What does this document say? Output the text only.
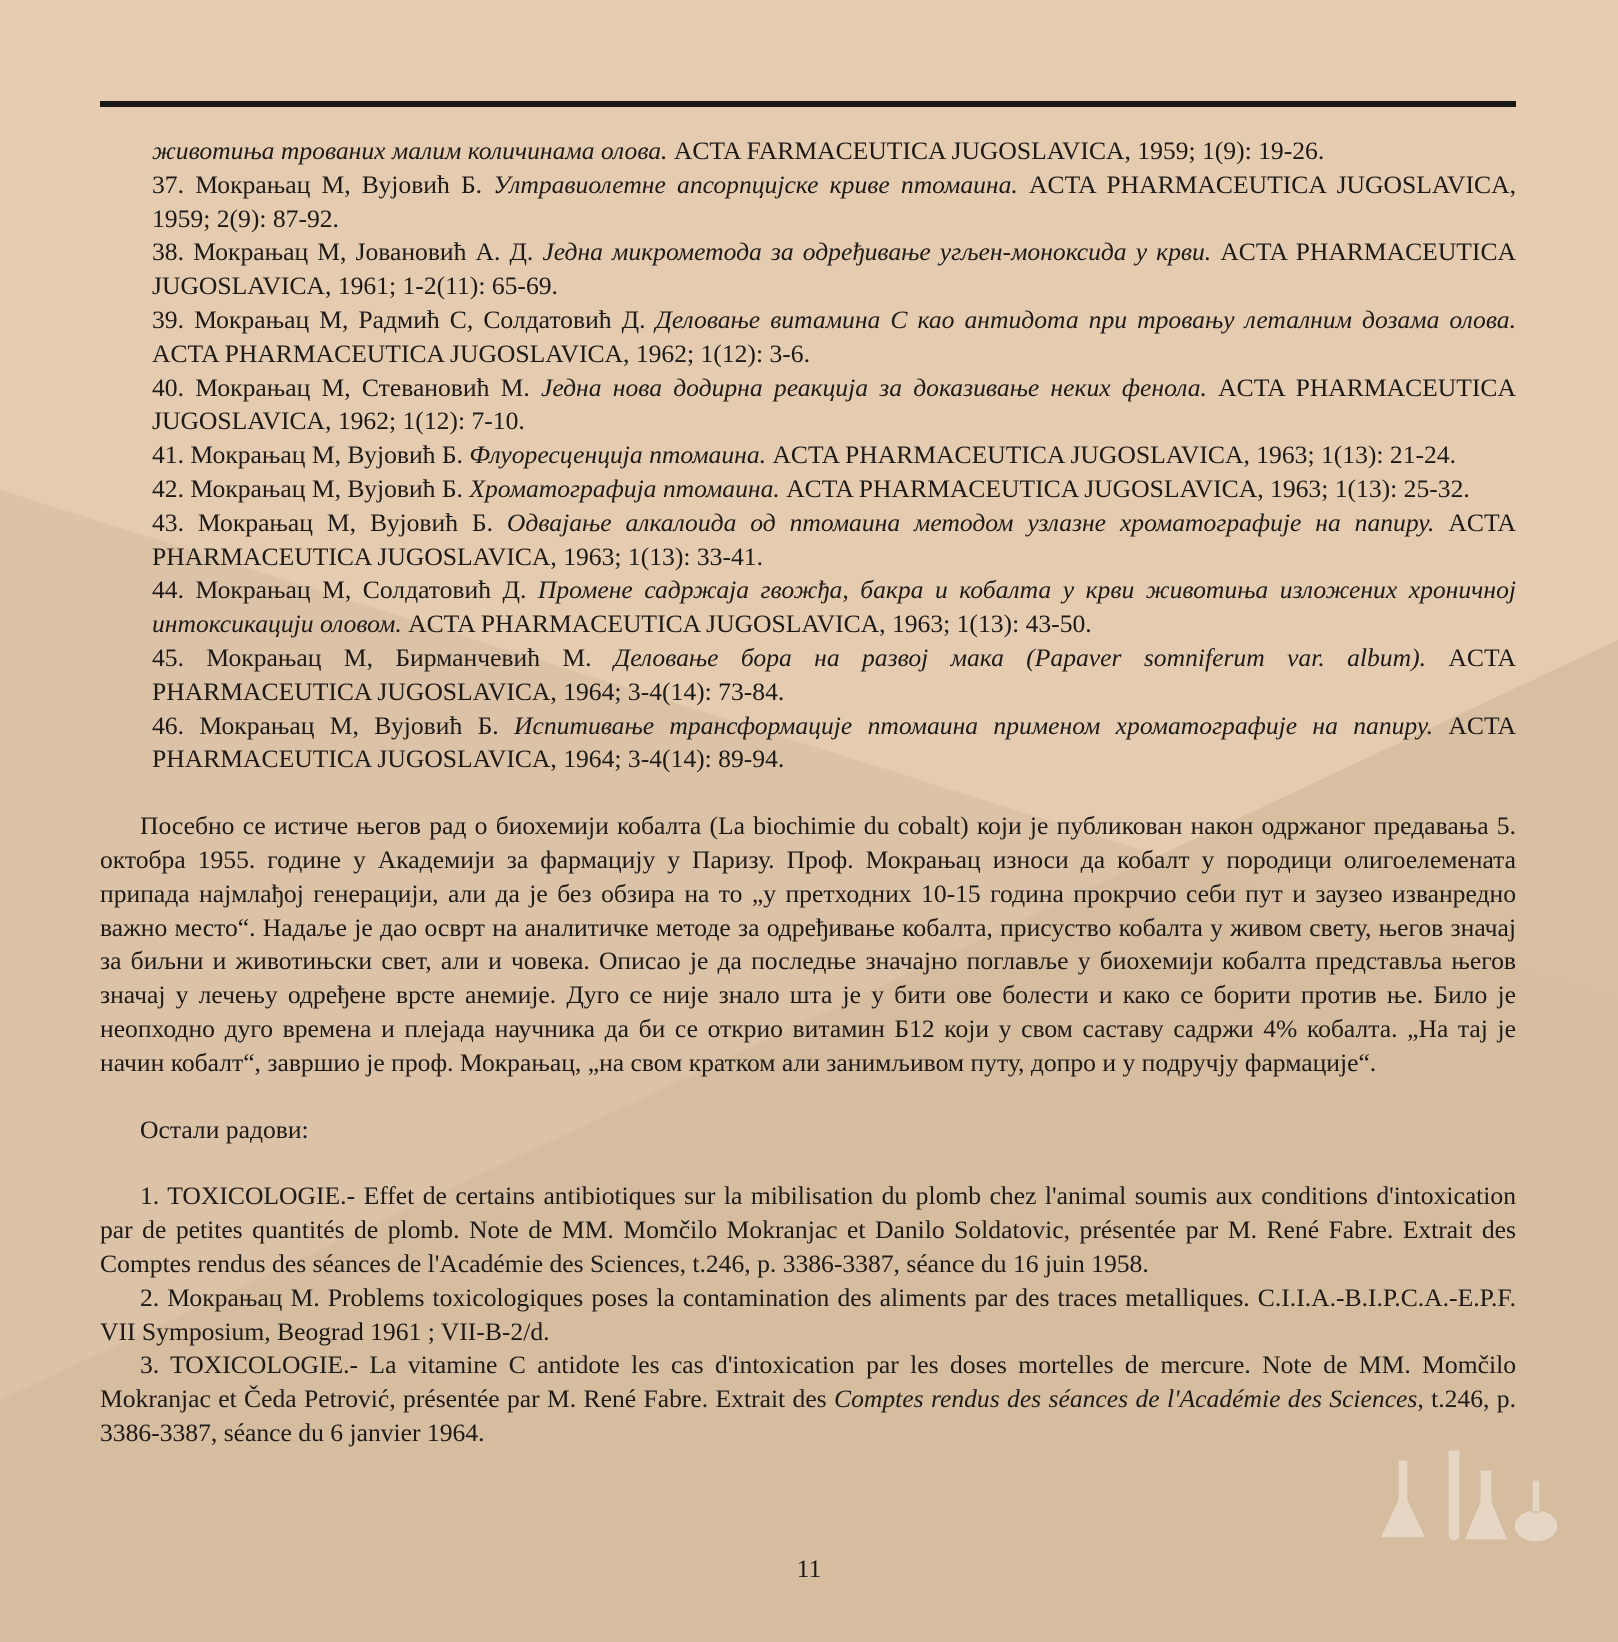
животиња трованих малим количинама олова. ACTA FARMACEUTICA JUGOSLAVICA, 1959; 1(9): 19-26.
37. Мокрањац М, Вујовић Б. Ултравиолетне апсорпцијске криве птомаина. ACTA PHARMACEUTICA JUGOSLAVICA, 1959; 2(9): 87-92.
38. Мокрањац М, Јовановић А. Д. Једна микрометода за одређивање угљен-моноксида у крви. ACTA PHARMACEUTICA JUGOSLAVICA, 1961; 1-2(11): 65-69.
39. Мокрањац М, Радмић С, Солдатовић Д. Деловање витамина C као антидота при тровању леталним дозама олова. ACTA PHARMACEUTICA JUGOSLAVICA, 1962; 1(12): 3-6.
40. Мокрањац М, Стевановић М. Једна нова додирна реакција за доказивање неких фенола. ACTA PHARMACEUTICA JUGOSLAVICA, 1962; 1(12): 7-10.
41. Мокрањац М, Вујовић Б. Флуоресценција птомаина. ACTA PHARMACEUTICA JUGOSLAVICA, 1963; 1(13): 21-24.
42. Мокрањац М, Вујовић Б. Хроматографија птомаина. ACTA PHARMACEUTICA JUGOSLAVICA, 1963; 1(13): 25-32.
43. Мокрањац М, Вујовић Б. Одвајање алкалоида од птомаина методом узлазне хроматографије на папиру. ACTA PHARMACEUTICA JUGOSLAVICA, 1963; 1(13): 33-41.
44. Мокрањац М, Солдатовић Д. Промене садржаја гвожђа, бакра и кобалта у крви животиња изложених хроничној интоксикацији оловом. ACTA PHARMACEUTICA JUGOSLAVICA, 1963; 1(13): 43-50.
45. Мокрањац М, Бирманчевић М. Деловање бора на развој мака (Papaver somniferum var. album). ACTA PHARMACEUTICA JUGOSLAVICA, 1964; 3-4(14): 73-84.
46. Мокрањац М, Вујовић Б. Испитивање трансформације птомаина применом хроматографије на папиру. ACTA PHARMACEUTICA JUGOSLAVICA, 1964; 3-4(14): 89-94.
Посебно се истиче његов рад о биохемији кобалта (La biochimie du cobalt) који је публикован након одржаног предавања 5. октобра 1955. године у Академији за фармацију у Паризу. Проф. Мокрањац износи да кобалт у породици олигоелемената припада најмлађој генерацији, али да је без обзира на то „у претходних 10-15 година прокрчио себи пут и заузео изванредно важно место“. Надаље је дао осврт на аналитичке методе за одређивање кобалта, присуство кобалта у живом свету, његов значај за биљни и животињски свет, али и човека. Описао је да последње значајно поглавље у биохемији кобалта представља његов значај у лечењу одређене врсте анемије. Дуго се није знало шта је у бити ове болести и како се борити против ње. Било је неопходно дуго времена и плејада научника да би се открио витамин Б12 који у свом саставу садржи 4% кобалта. „На тај је начин кобалт“, завршио је проф. Мокрањац, „на свом кратком али занимљивом путу, допро и у подручју фармације“.
Остали радови:
1. TOXICOLOGIE.- Effet de certains antibiotiques sur la mibilisation du plomb chez l'animal soumis aux conditions d'intoxication par de petites quantités de plomb. Note de MM. Momčilo Mokranjac et Danilo Soldatovic, présentée par M. René Fabre. Extrait des Comptes rendus des séances de l'Académie des Sciences, t.246, p. 3386-3387, séance du 16 juin 1958.
2. Мокрањац М. Problems toxicologiques poses la contamination des aliments par des traces metalliques. C.I.I.A.-B.I.P.C.A.-E.P.F. VII Symposium, Beograd 1961 ; VII-B-2/d.
3. TOXICOLOGIE.- La vitamine C antidote les cas d'intoxication par les doses mortelles de mercure. Note de MM. Momčilo Mokranjac et Čeda Petrović, présentée par M. René Fabre. Extrait des Comptes rendus des séances de l'Académie des Sciences, t.246, p. 3386-3387, séance du 6 janvier 1964.
11
